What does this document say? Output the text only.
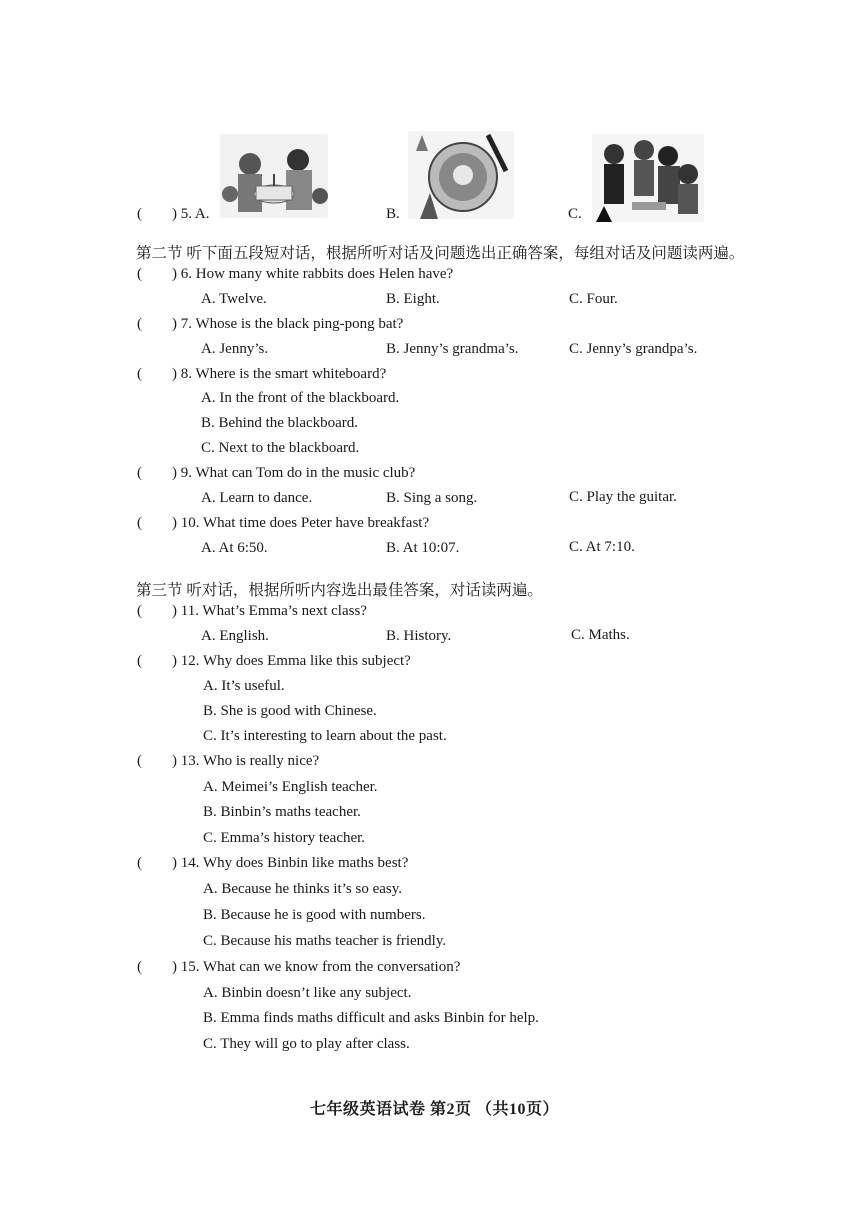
( ) 5. A.	B.	C.
第二节 听下面五段短对话，根据所听对话及问题选出正确答案，每组对话及问题读两遍。
( ) 6. How many white rabbits does Helen have?
A. Twelve.	B. Eight.	C. Four.
( ) 7. Whose is the black ping-pong bat?
A. Jenny’s.	B. Jenny’s grandma’s.	C. Jenny’s grandpa’s.
( ) 8. Where is the smart whiteboard?
A. In the front of the blackboard.
B. Behind the blackboard.
C. Next to the blackboard.
( ) 9. What can Tom do in the music club?
A. Learn to dance.	B. Sing a song.	C. Play the guitar.
( ) 10. What time does Peter have breakfast?
A. At 6:50.	B. At 10:07.	C. At 7:10.
第三节 听对话，根据所听内容选出最佳答案，对话读两遍。
( ) 11. What’s Emma’s next class?
A. English.	B. History.	C. Maths.
( ) 12. Why does Emma like this subject?
A. It’s useful.
B. She is good with Chinese.
C. It’s interesting to learn about the past.
( ) 13. Who is really nice?
A. Meimei’s English teacher.
B. Binbin’s maths teacher.
C. Emma’s history teacher.
( ) 14. Why does Binbin like maths best?
A. Because he thinks it’s so easy.
B. Because he is good with numbers.
C. Because his maths teacher is friendly.
( ) 15. What can we know from the conversation?
A. Binbin doesn’t like any subject.
B. Emma finds maths difficult and asks Binbin for help.
C. They will go to play after class.
七年级英语试卷 第2页 （共10页）
